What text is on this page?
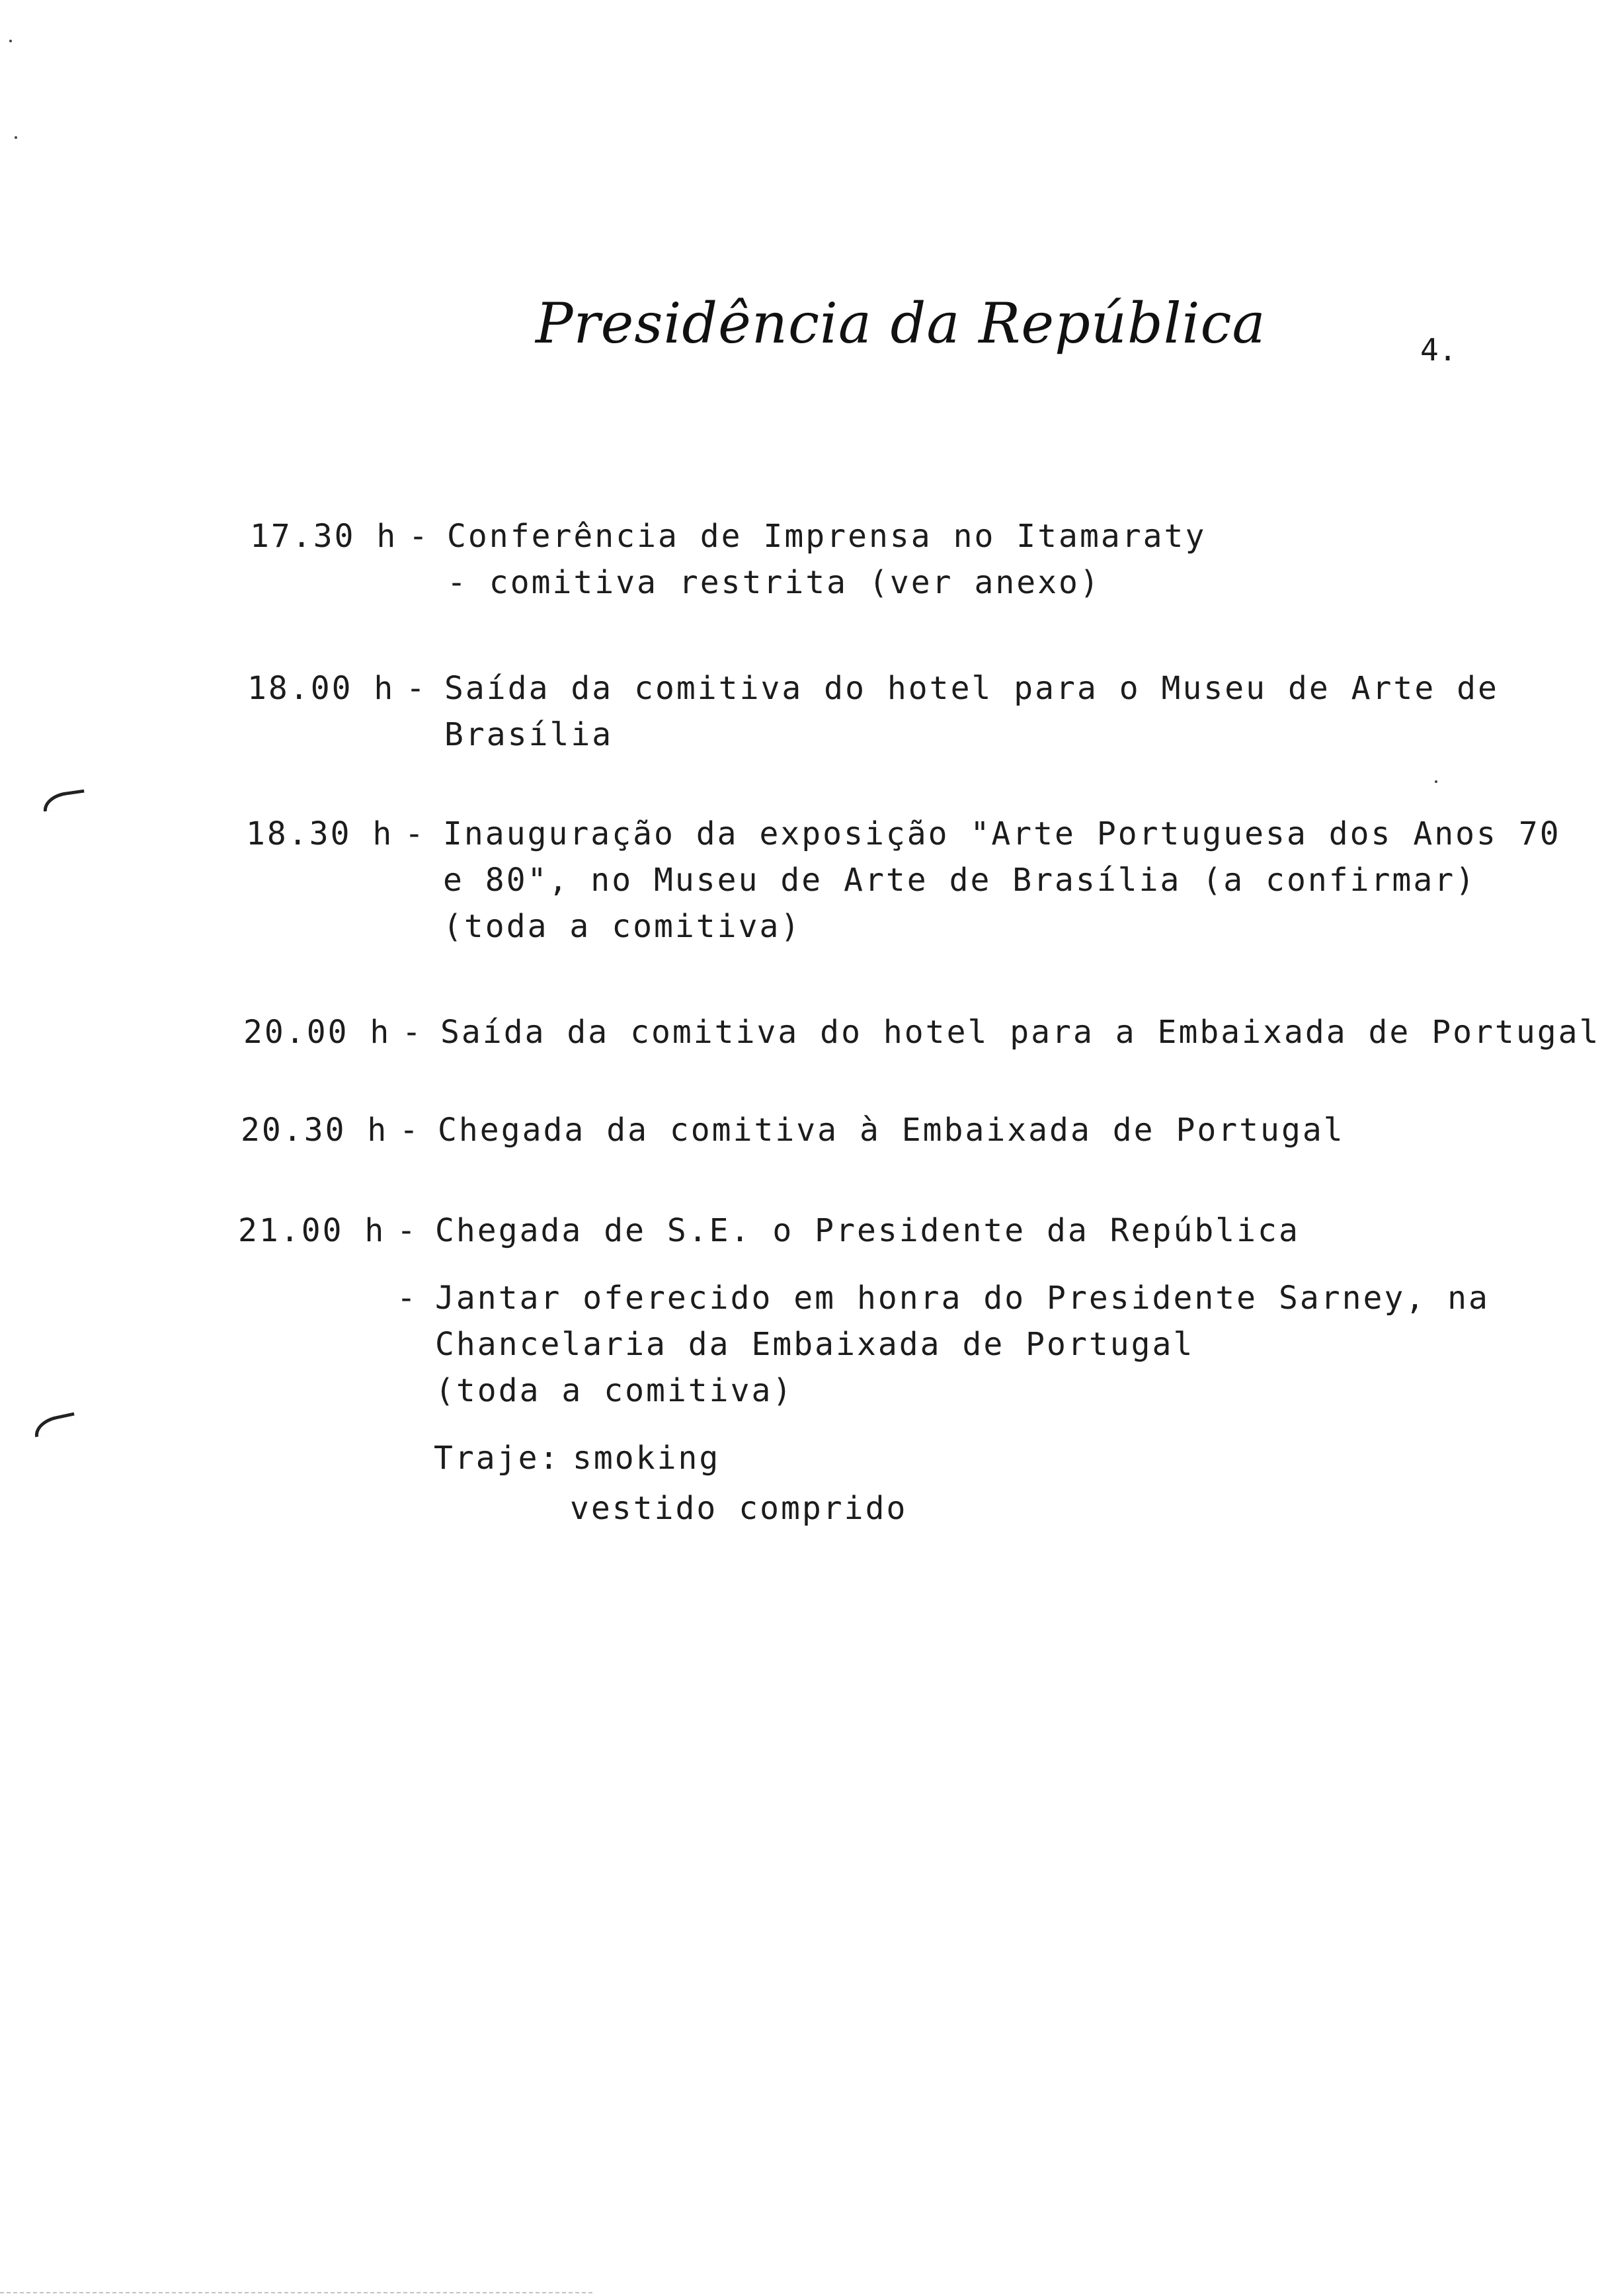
Presidência da República	4.
17.30 h - Conferência de Imprensa no Itamaraty
- comitiva restrita (ver anexo)
18.00 h - Saída da comitiva do hotel para o Museu de Arte de
Brasília
18.30 h - Inauguração da exposição "Arte Portuguesa dos Anos 70
e 80", no Museu de Arte de Brasília (a confirmar)
(toda a comitiva)
20.00 h - Saída da comitiva do hotel para a Embaixada de Portugal
20.30 h - Chegada da comitiva à Embaixada de Portugal
21.00 h - Chegada de S.E. o Presidente da República
- Jantar oferecido em honra do Presidente Sarney, na
Chancelaria da Embaixada de Portugal
(toda a comitiva)
Traje: smoking
vestido comprido
